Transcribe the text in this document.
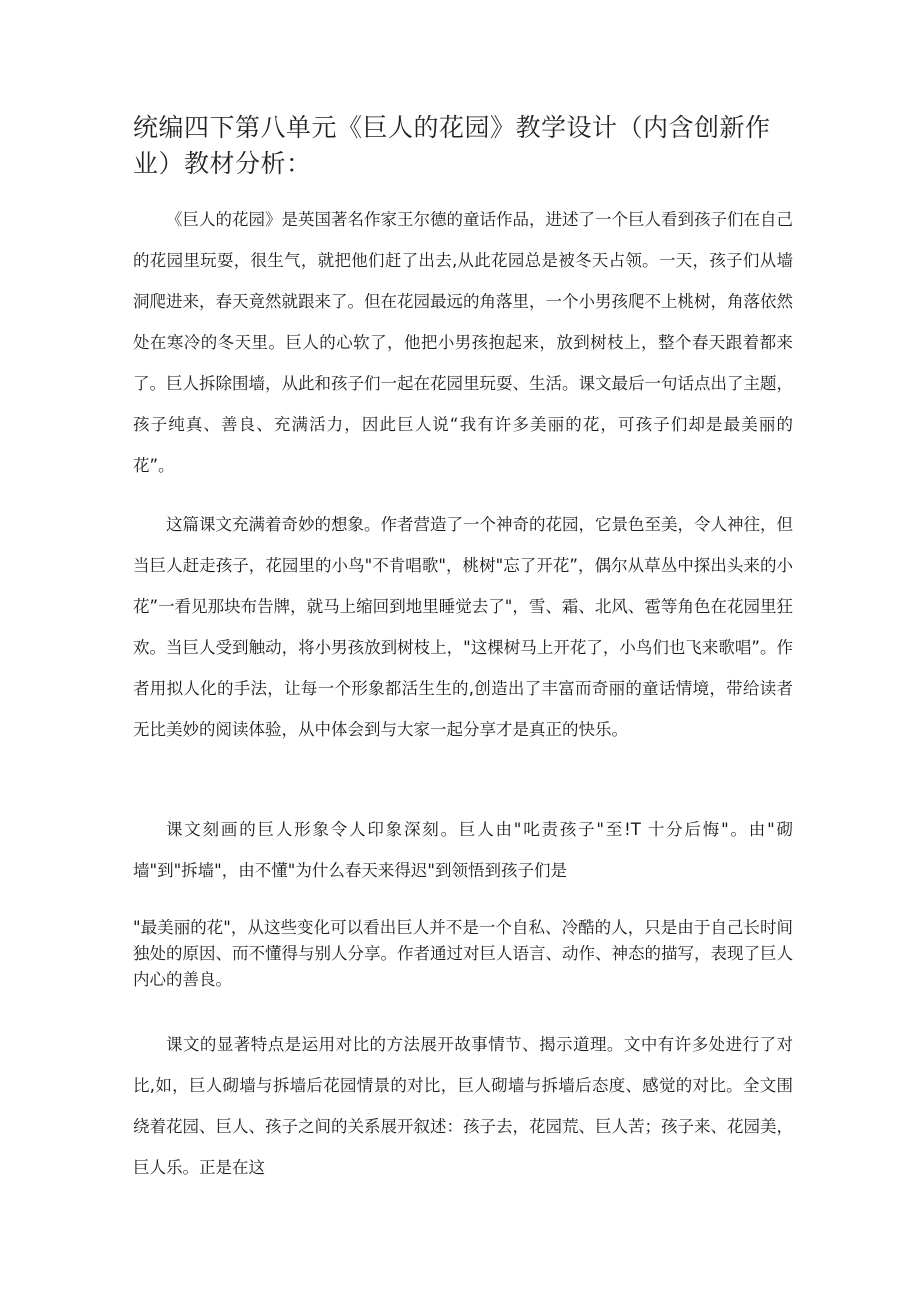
统编四下第八单元《巨人的花园》教学设计（内含创新作业）教材分析：

《巨人的花园》是英国著名作家王尔德的童话作品，进述了一个巨人看到孩子们在自己的花园里玩耍，很生气，就把他们赶了出去,从此花园总是被冬天占领。一天，孩子们从墙洞爬进来，春天竟然就跟来了。但在花园最远的角落里，一个小男孩爬不上桃树，角落依然处在寒冷的冬天里。巨人的心软了，他把小男孩抱起来，放到树枝上，整个春天跟着都来了。巨人拆除围墙，从此和孩子们一起在花园里玩耍、生活。课文最后一句话点出了主题，孩子纯真、善良、充满活力，因此巨人说“我有许多美丽的花，可孩子们却是最美丽的花”。

这篇课文充满着奇妙的想象。作者营造了一个神奇的花园，它景色至美，令人神往，但当巨人赶走孩子，花园里的小鸟"不肯唱歌"，桃树"忘了开花”，偶尔从草丛中探出头来的小花”一看见那块布告牌，就马上缩回到地里睡觉去了"，雪、霜、北风、雹等角色在花园里狂欢。当巨人受到触动，将小男孩放到树枝上，"这棵树马上开花了，小鸟们也飞来歌唱”。作者用拟人化的手法，让每一个形象都活生生的,创造出了丰富而奇丽的童话情境，带给读者无比美妙的阅读体验，从中体会到与大家一起分享才是真正的快乐。

课文刻画的巨人形象令人印象深刻。巨人由"叱责孩子"至!T 十分后悔"。由"砌墙"到"拆墙"，由不懂"为什么春天来得迟"到领悟到孩子们是

"最美丽的花"，从这些变化可以看出巨人并不是一个自私、冷酷的人，只是由于自己长时间独处的原因、而不懂得与别人分享。作者通过对巨人语言、动作、神态的描写，表现了巨人内心的善良。

课文的显著特点是运用对比的方法展开故事情节、揭示道理。文中有许多处进行了对比,如，巨人砌墙与拆墙后花园情景的对比，巨人砌墙与拆墙后态度、感觉的对比。全文围绕着花园、巨人、孩子之间的关系展开叙述：孩子去，花园荒、巨人苦；孩子来、花园美，巨人乐。正是在这
